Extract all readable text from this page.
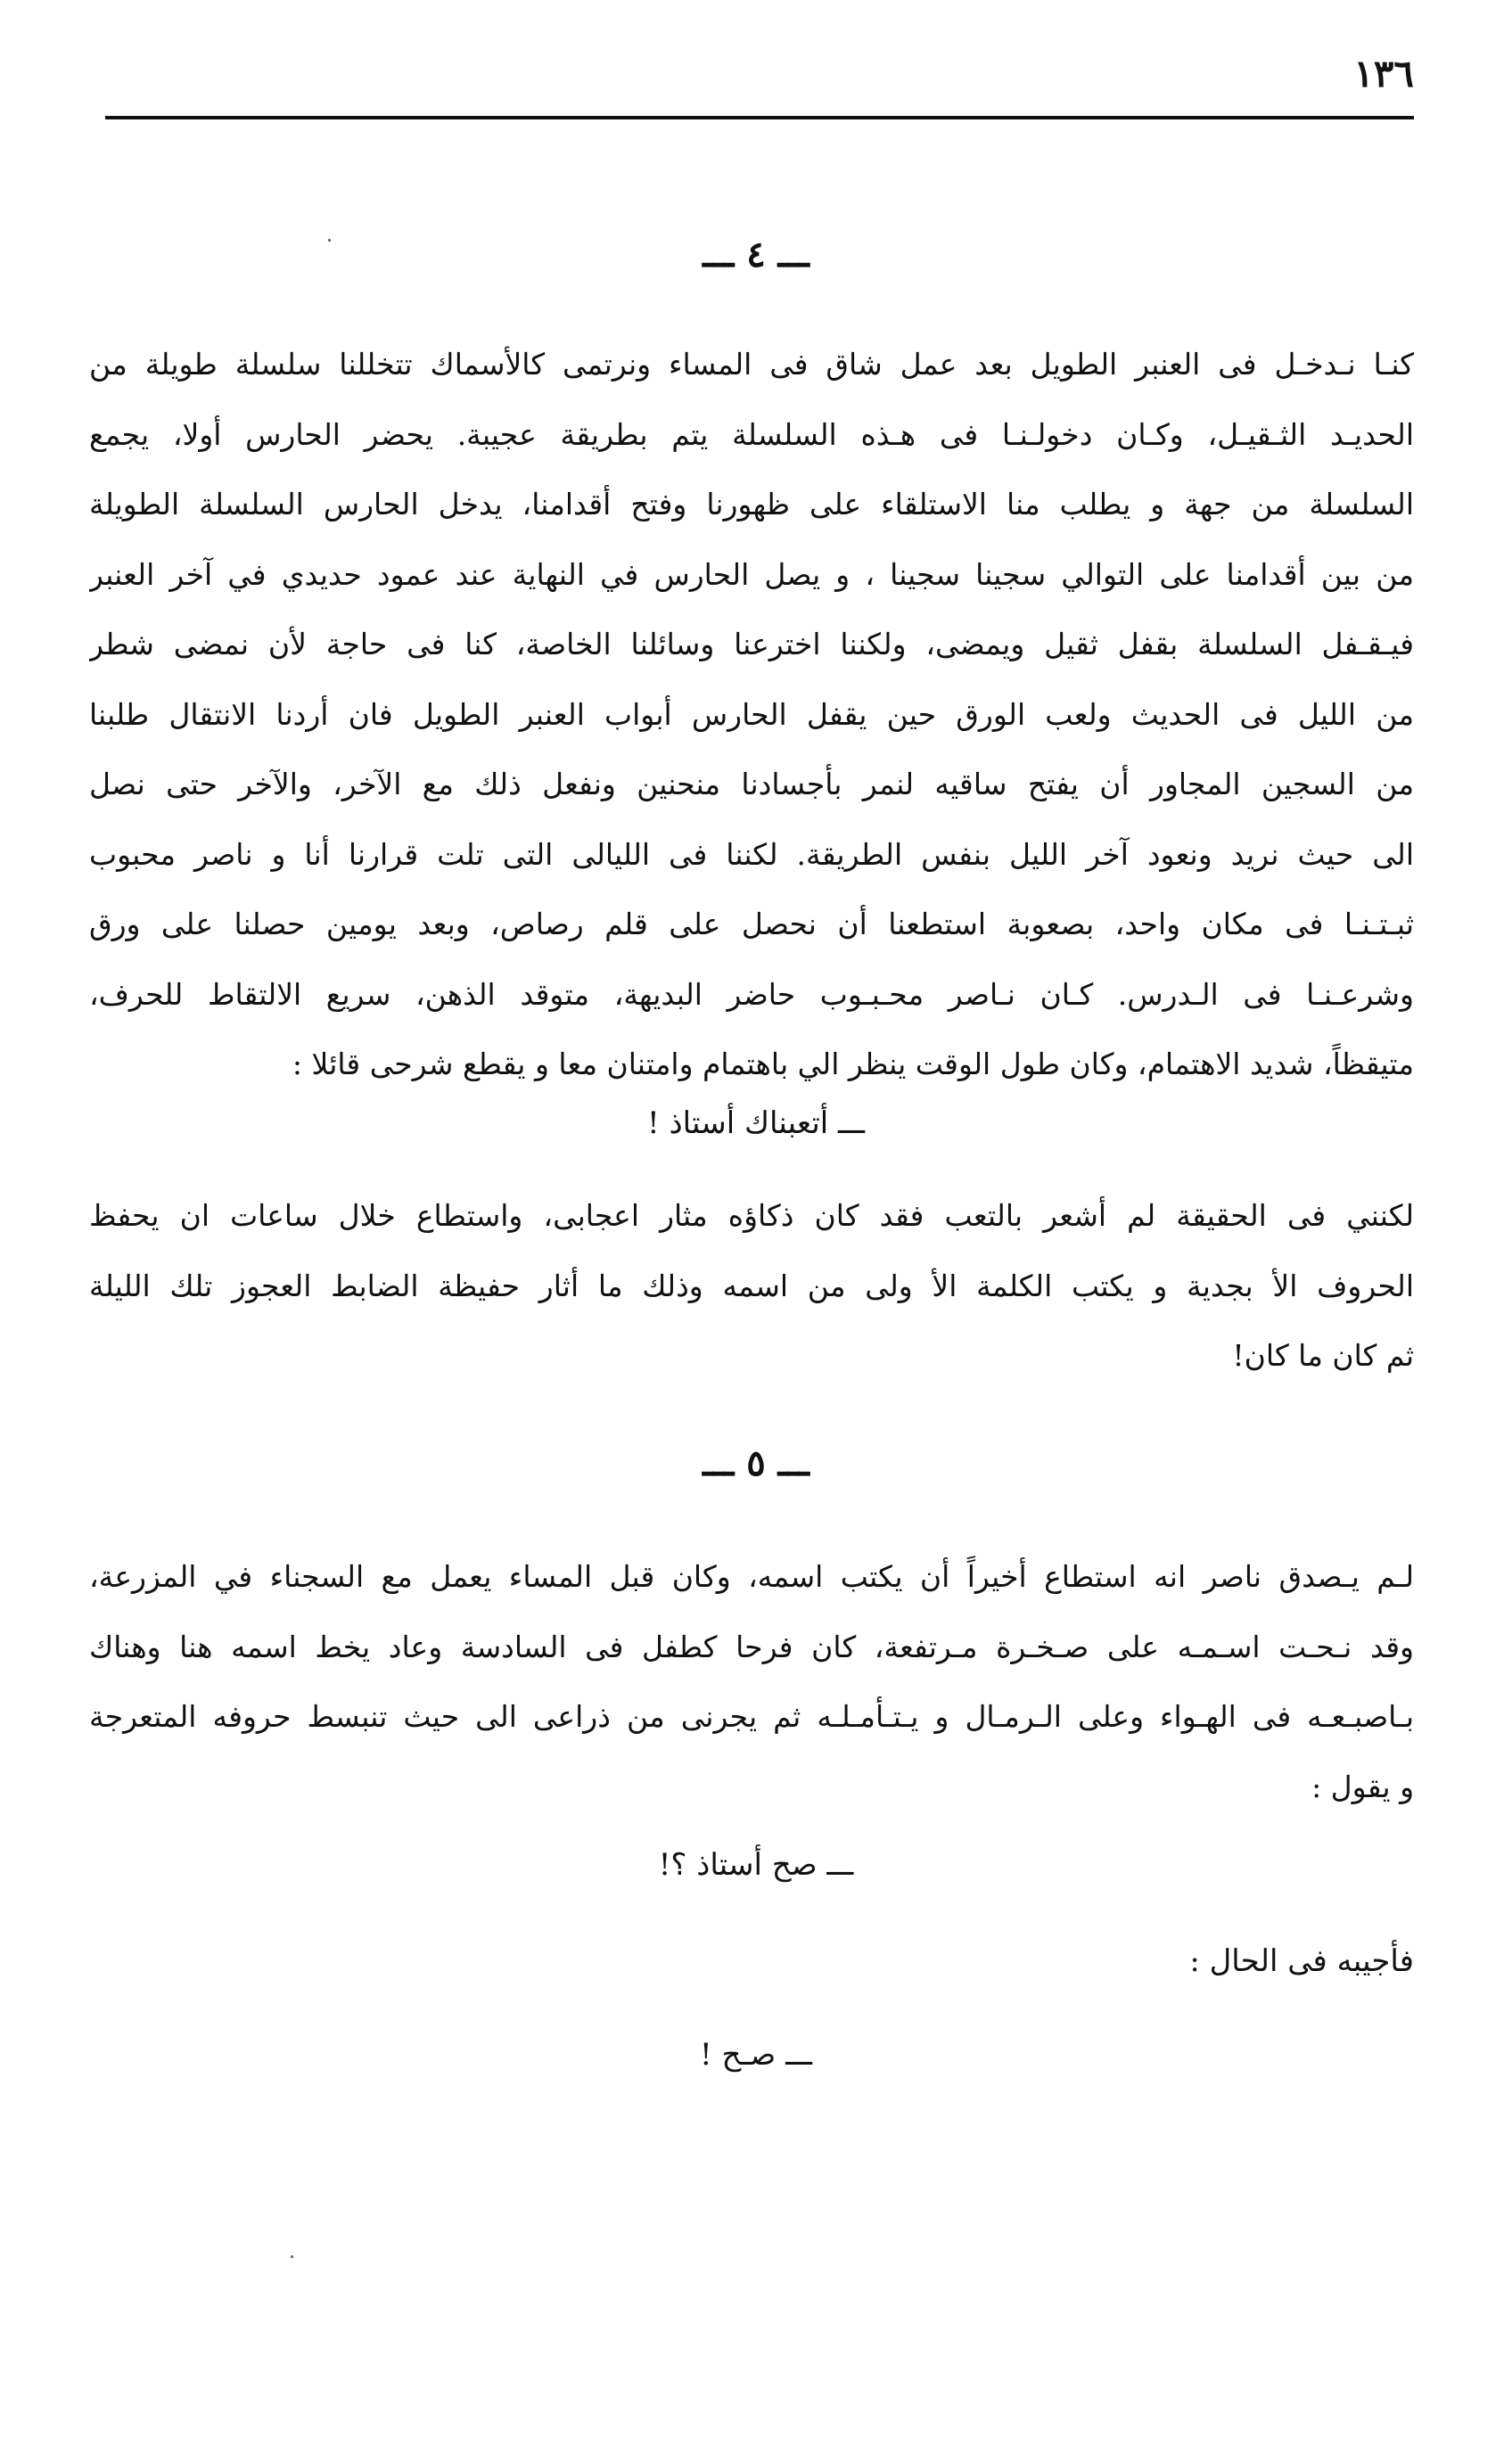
١٣٦
ـــ ٤ ـــ
كنـا نـدخـل فى العنبر الطويل بعد عمل شاق فى المساء ونرتمى كالأسماك تتخللنا سلسلة طويلة من
الحديـد الثـقيـل، وكـان دخولـنـا فى هـذه السلسلة يتم بطريقة عجيبة. يحضر الحارس أولا، يجمع
السلسلة من جهة و يطلب منا الاستلقاء على ظهورنا وفتح أقدامنا، يدخل الحارس السلسلة الطويلة
من بين أقدامنا على التوالي سجينا سجينا ، و يصل الحارس في النهاية عند عمود حديدي في آخر العنبر
فيـقـفل السلسلة بقفل ثقيل ويمضى، ولكننا اخترعنا وسائلنا الخاصة، كنا فى حاجة لأن نمضى شطر
من الليل فى الحديث ولعب الورق حين يقفل الحارس أبواب العنبر الطويل فان أردنا الانتقال طلبنا
من السجين المجاور أن يفتح ساقيه لنمر بأجسادنا منحنين ونفعل ذلك مع الآخر، والآخر حتى نصل
الى حيث نريد ونعود آخر الليل بنفس الطريقة. لكننا فى الليالى التى تلت قرارنا أنا و ناصر محبوب
ثبـتـنـا فى مكان واحد، بصعوبة استطعنا أن نحصل على قلم رصاص، وبعد يومين حصلنا على ورق
وشرعـنـا فى الـدرس. كـان نـاصر محـبـوب حاضر البديهة، متوقد الذهن، سريع الالتقاط للحرف،
متيقظاً، شديد الاهتمام، وكان طول الوقت ينظر الي باهتمام وامتنان معا و يقطع شرحى قائلا :
ـــ أتعبناك أستاذ !
لكنني فى الحقيقة لم أشعر بالتعب فقد كان ذكاؤه مثار اعجابى، واستطاع خلال ساعات ان يحفظ
الحروف الأ بجدية و يكتب الكلمة الأ ولى من اسمه وذلك ما أثار حفيظة الضابط العجوز تلك الليلة
ثم كان ما كان!
ـــ ٥ ـــ
لـم يـصدق ناصر انه استطاع أخيراً أن يكتب اسمه، وكان قبل المساء يعمل مع السجناء في المزرعة،
وقد نـحـت اسـمـه على صـخـرة مـرتفعة، كان فرحا كطفل فى السادسة وعاد يخط اسمه هنا وهناك
بـاصبـعـه فى الهـواء وعلى الـرمـال و يـتـأمـلـه ثم يجرنى من ذراعى الى حيث تنبسط حروفه المتعرجة
و يقول :
ـــ صح أستاذ ؟!
فأجيبه فى الحال :
ـــ صـح !
